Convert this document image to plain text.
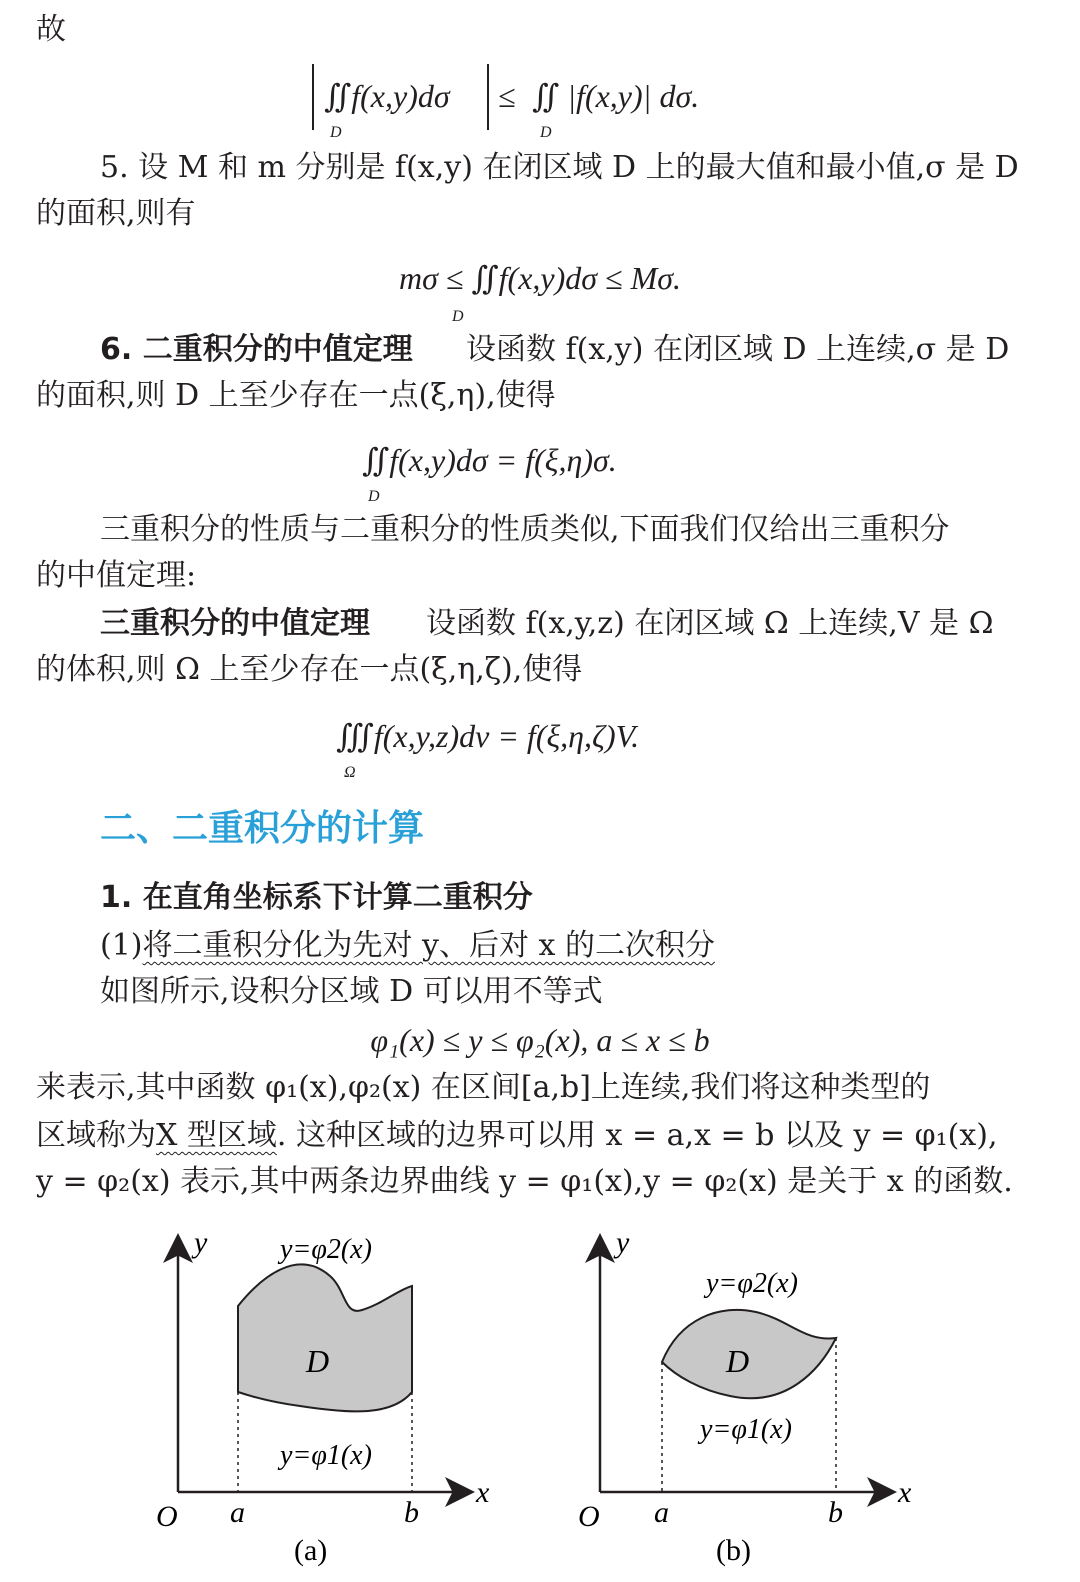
故
∬f(x,y)dσ ≤ ∬ |f(x,y)| dσ.
D	D
5. 设 M 和 m 分别是 f(x,y) 在闭区域 D 上的最大值和最小值,σ 是 D
的面积,则有
mσ ≤ ∬f(x,y)dσ ≤ Mσ.
D
6. 二重积分的中值定理 设函数 f(x,y) 在闭区域 D 上连续,σ 是 D
的面积,则 D 上至少存在一点(ξ,η),使得
∬f(x,y)dσ = f(ξ,η)σ.
D
三重积分的性质与二重积分的性质类似,下面我们仅给出三重积分
的中值定理:
三重积分的中值定理 设函数 f(x,y,z) 在闭区域 Ω 上连续,V 是 Ω
的体积,则 Ω 上至少存在一点(ξ,η,ζ),使得
∭f(x,y,z)dv = f(ξ,η,ζ)V.
Ω
二、二重积分的计算
1. 在直角坐标系下计算二重积分
(1)将二重积分化为先对 y、后对 x 的二次积分
如图所示,设积分区域 D 可以用不等式
φ₁(x) ≤ y ≤ φ₂(x), a ≤ x ≤ b
来表示,其中函数 φ₁(x),φ₂(x) 在区间[a,b]上连续,我们将这种类型的
区域称为X 型区域. 这种区域的边界可以用 x = a,x = b 以及 y = φ₁(x),
y = φ₂(x) 表示,其中两条边界曲线 y = φ₁(x),y = φ₂(x) 是关于 x 的函数.
y
x
O a	b
D
y=φ2(x)
y=φ1(x)
(a)
y
x
O a	b
D
y=φ2(x)
y=φ1(x)
(b)
